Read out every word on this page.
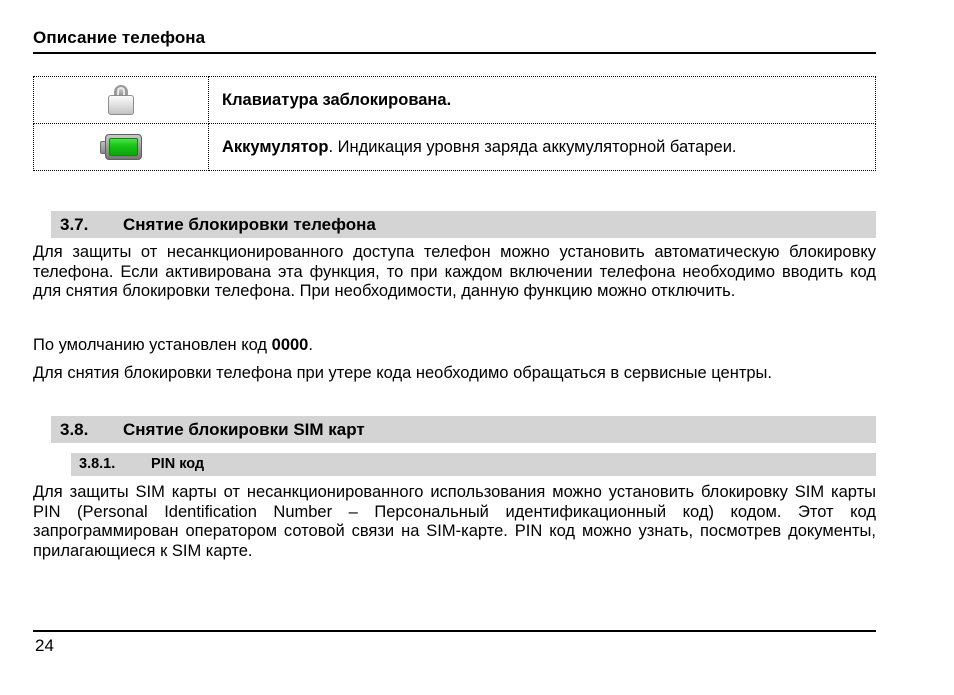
Описание телефона
	Клавиатура заблокирована.

	Аккумулятор. Индикация уровня заряда аккумуляторной батареи.
3.7. Снятие блокировки телефона
Для защиты от несанкционированного доступа телефон можно установить автоматическую блокировку телефона. Если активирована эта функция, то при каждом включении телефона необходимо вводить код для снятия блокировки телефона. При необходимости, данную функцию можно отключить.
По умолчанию установлен код 0000.
Для снятия блокировки телефона при утере кода необходимо обращаться в сервисные центры.
3.8. Снятие блокировки SIM карт
3.8.1. PIN код
Для защиты SIM карты от несанкционированного использования можно установить блокировку SIM карты PIN (Personal Identification Number – Персональный идентификационный код) кодом. Этот код запрограммирован оператором сотовой связи на SIM-карте. PIN код можно узнать, посмотрев документы, прилагающиеся к SIM карте.
24
